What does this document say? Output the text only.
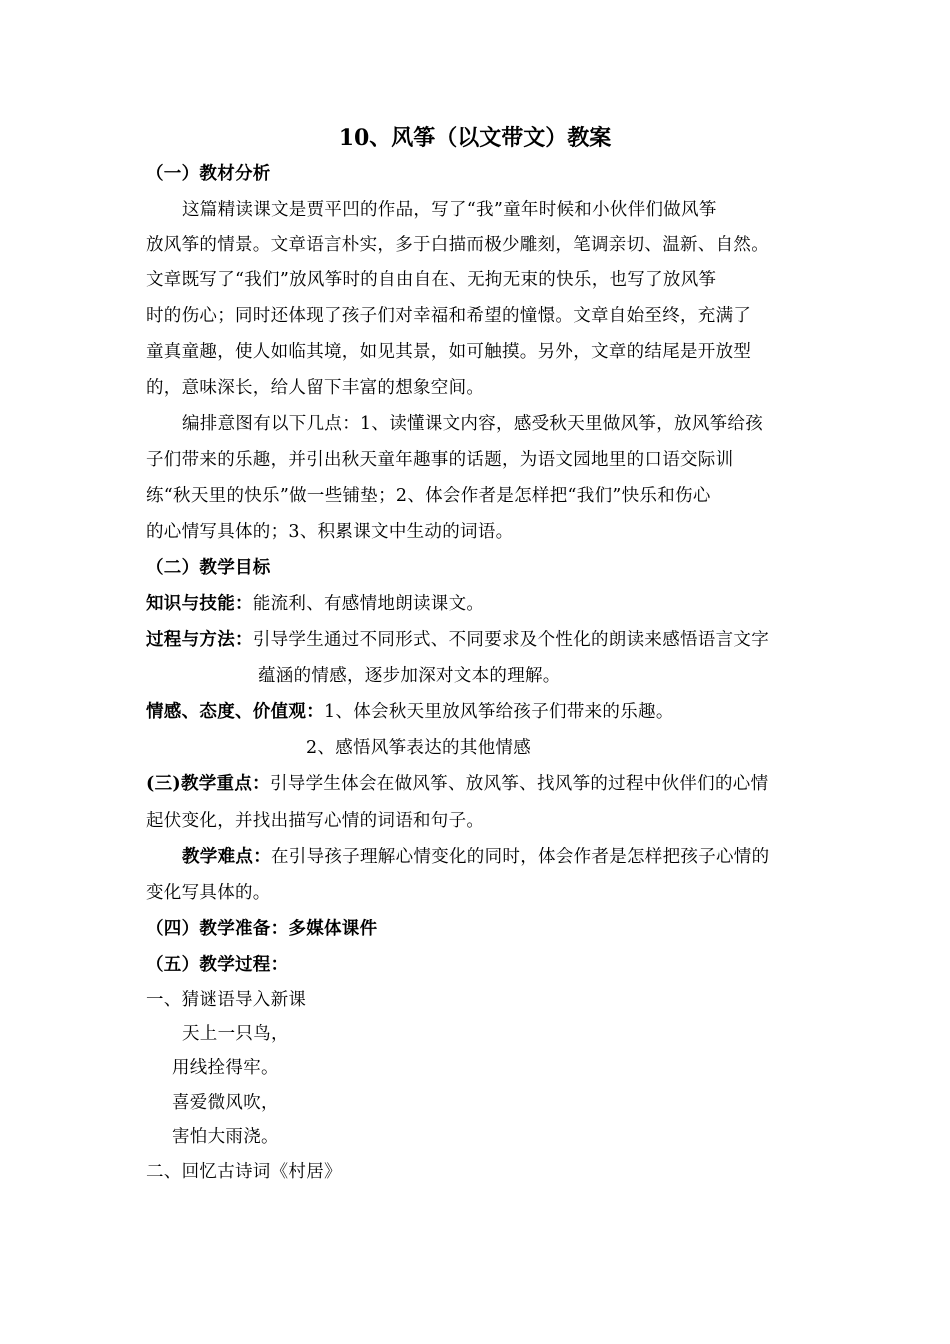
10、风筝（以文带文）教案
（一）教材分析
这篇精读课文是贾平凹的作品，写了“我”童年时候和小伙伴们做风筝
放风筝的情景。文章语言朴实，多于白描而极少雕刻，笔调亲切、温新、自然。
文章既写了“我们”放风筝时的自由自在、无拘无束的快乐，也写了放风筝
时的伤心；同时还体现了孩子们对幸福和希望的憧憬。文章自始至终，充满了
童真童趣，使人如临其境，如见其景，如可触摸。另外，文章的结尾是开放型
的，意味深长，给人留下丰富的想象空间。
编排意图有以下几点：1、读懂课文内容，感受秋天里做风筝，放风筝给孩
子们带来的乐趣，并引出秋天童年趣事的话题，为语文园地里的口语交际训
练“秋天里的快乐”做一些铺垫；2、体会作者是怎样把“我们”快乐和伤心
的心情写具体的；3、积累课文中生动的词语。
（二）教学目标
知识与技能：能流利、有感情地朗读课文。
过程与方法：引导学生通过不同形式、不同要求及个性化的朗读来感悟语言文字
蕴涵的情感，逐步加深对文本的理解。
情感、态度、价值观：1、体会秋天里放风筝给孩子们带来的乐趣。
2、感悟风筝表达的其他情感
(三)教学重点：引导学生体会在做风筝、放风筝、找风筝的过程中伙伴们的心情
起伏变化，并找出描写心情的词语和句子。
教学难点：在引导孩子理解心情变化的同时，体会作者是怎样把孩子心情的
变化写具体的。
（四）教学准备：多媒体课件
（五）教学过程：
一、猜谜语导入新课
天上一只鸟，
用线拴得牢。
喜爱微风吹，
害怕大雨浇。
二、回忆古诗词《村居》
